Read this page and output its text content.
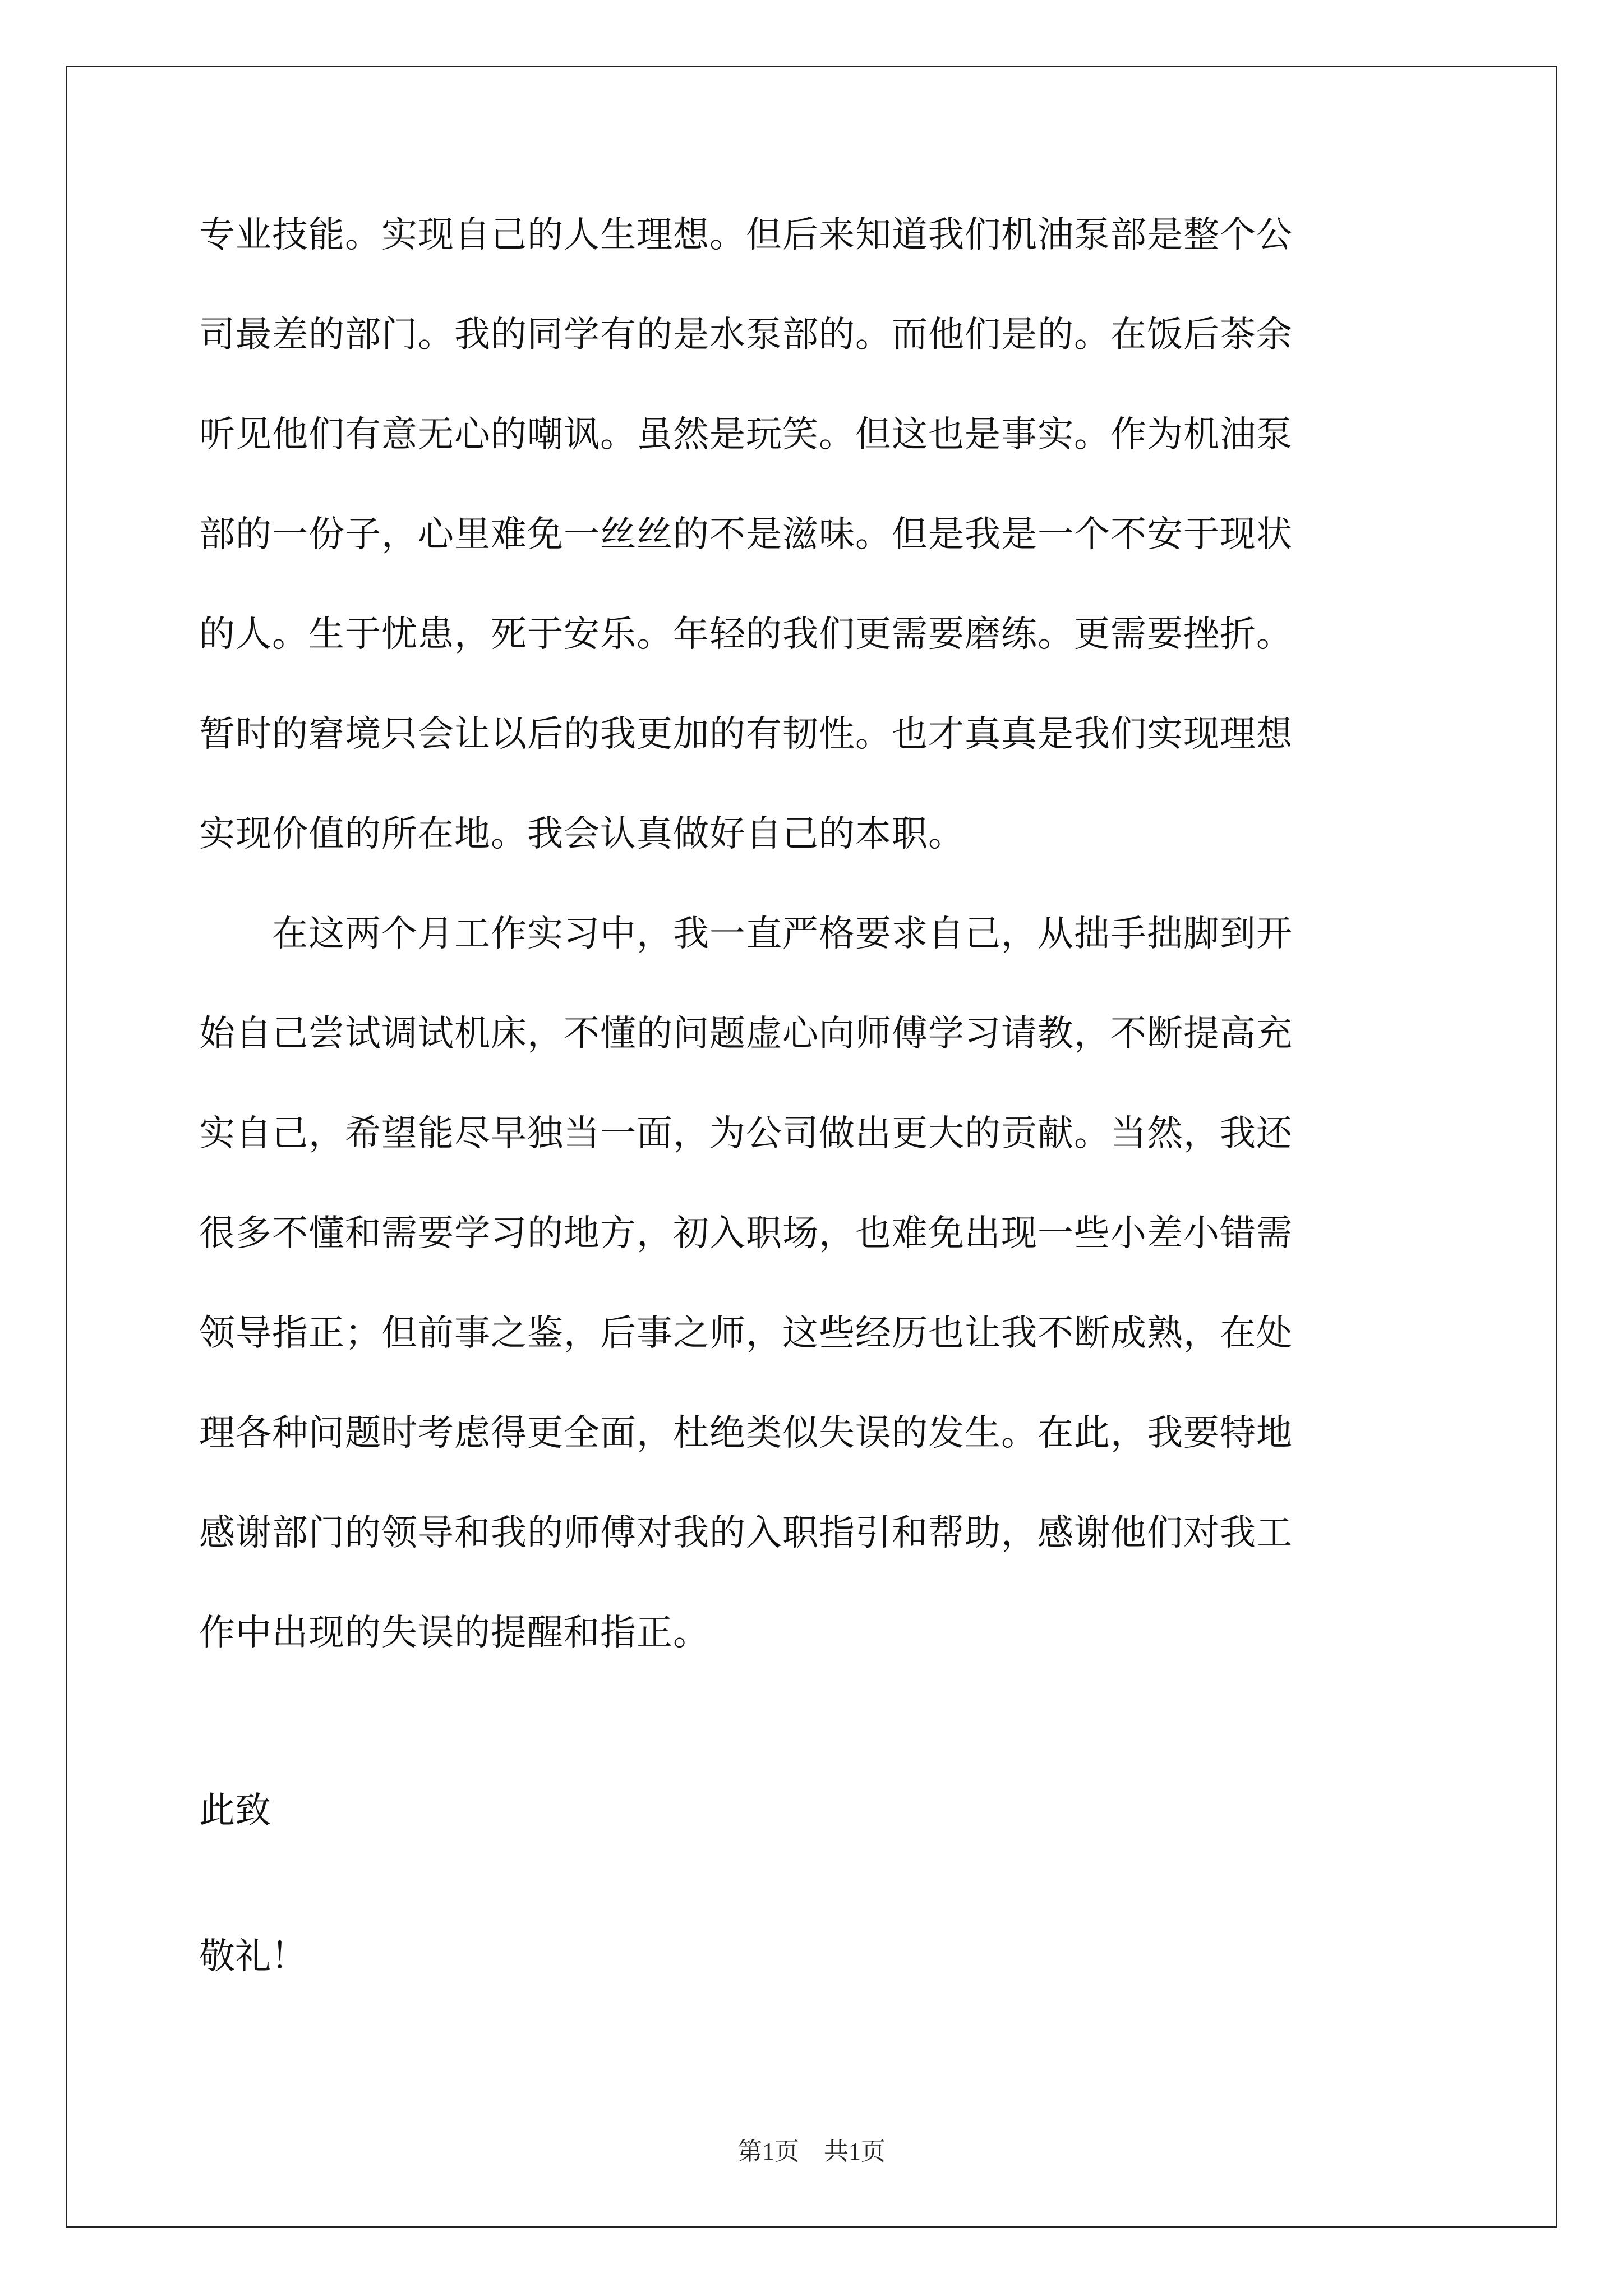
专业技能。实现自己的人生理想。但后来知道我们机油泵部是整个公
司最差的部门。我的同学有的是水泵部的。而他们是的。在饭后茶余
听见他们有意无心的嘲讽。虽然是玩笑。但这也是事实。作为机油泵
部的一份子，心里难免一丝丝的不是滋味。但是我是一个不安于现状
的人。生于忧患，死于安乐。年轻的我们更需要磨练。更需要挫折。
暂时的窘境只会让以后的我更加的有韧性。也才真真是我们实现理想
实现价值的所在地。我会认真做好自己的本职。
　　在这两个月工作实习中，我一直严格要求自己，从拙手拙脚到开
始自己尝试调试机床，不懂的问题虚心向师傅学习请教，不断提高充
实自己，希望能尽早独当一面，为公司做出更大的贡献。当然，我还
很多不懂和需要学习的地方，初入职场，也难免出现一些小差小错需
领导指正；但前事之鉴，后事之师，这些经历也让我不断成熟，在处
理各种问题时考虑得更全面，杜绝类似失误的发生。在此，我要特地
感谢部门的领导和我的师傅对我的入职指引和帮助，感谢他们对我工
作中出现的失误的提醒和指正。
此致
敬礼！
第1页　共1页
